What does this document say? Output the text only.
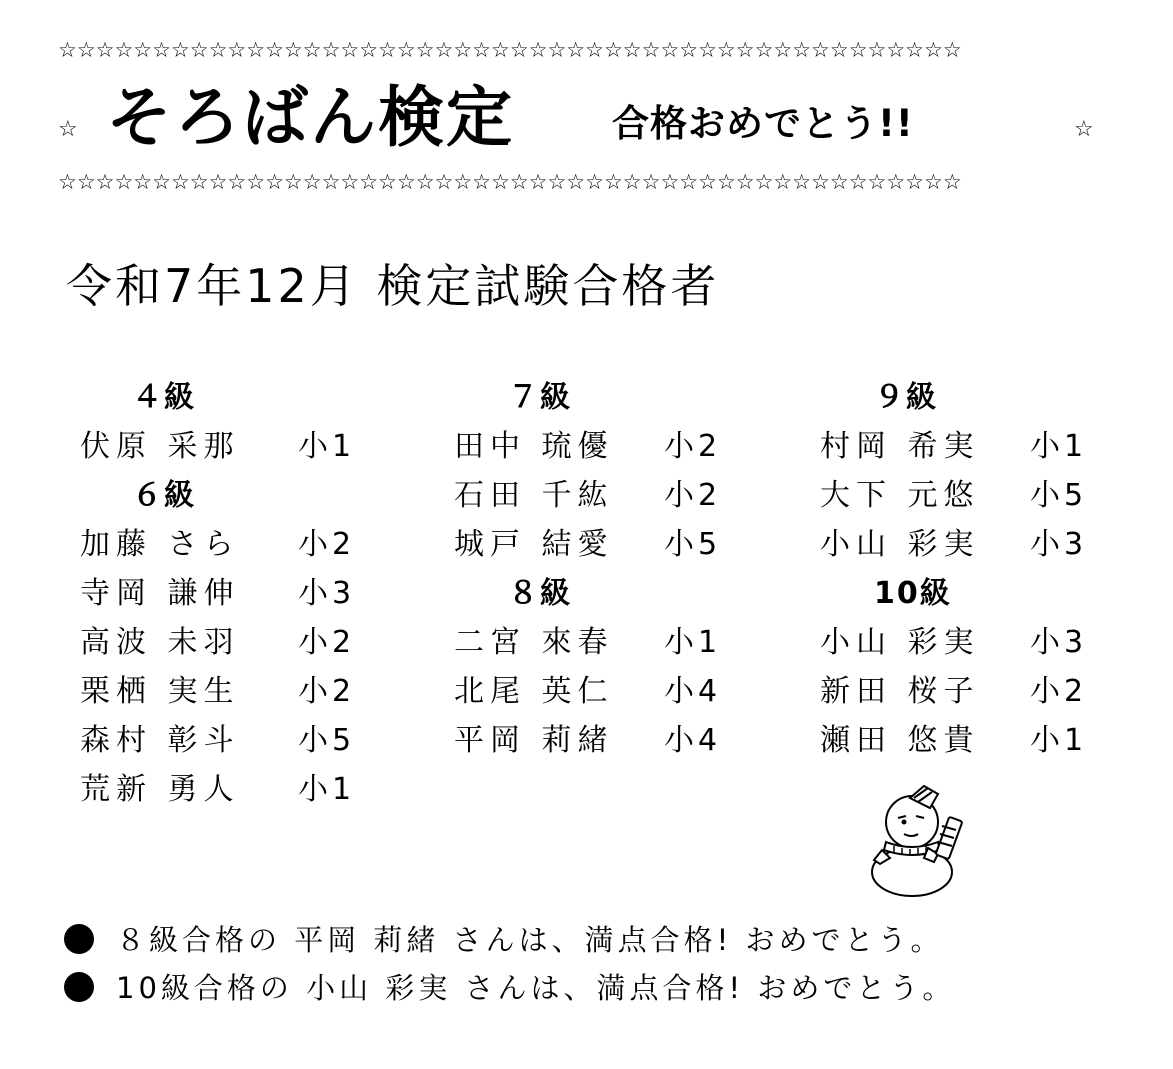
☆☆☆☆☆☆☆☆☆☆☆☆☆☆☆☆☆☆☆☆☆☆☆☆☆☆☆☆☆☆☆☆☆☆☆☆☆☆☆☆☆☆☆☆☆☆☆☆
☆ そろばん検定	合格おめでとう!!	☆
☆☆☆☆☆☆☆☆☆☆☆☆☆☆☆☆☆☆☆☆☆☆☆☆☆☆☆☆☆☆☆☆☆☆☆☆☆☆☆☆☆☆☆☆☆☆☆☆
令和7年12月 検定試験合格者
４級
伏原 采那 小1
６級
加藤 さら 小2
寺岡 謙伸 小3
高波 未羽 小2
栗栖 実生 小2
森村 彰斗 小5
荒新 勇人 小1
７級
田中 琉優 小2
石田 千紘 小2
城戸 結愛 小5
８級
二宮 來春 小1
北尾 英仁 小4
平岡 莉緒 小4
９級
村岡 希実 小1
大下 元悠 小5
小山 彩実 小3
10級
小山 彩実 小3
新田 桜子 小2
瀬田 悠貴 小1
８級合格の 平岡 莉緒 さんは、満点合格! おめでとう。
10級合格の 小山 彩実 さんは、満点合格! おめでとう。
